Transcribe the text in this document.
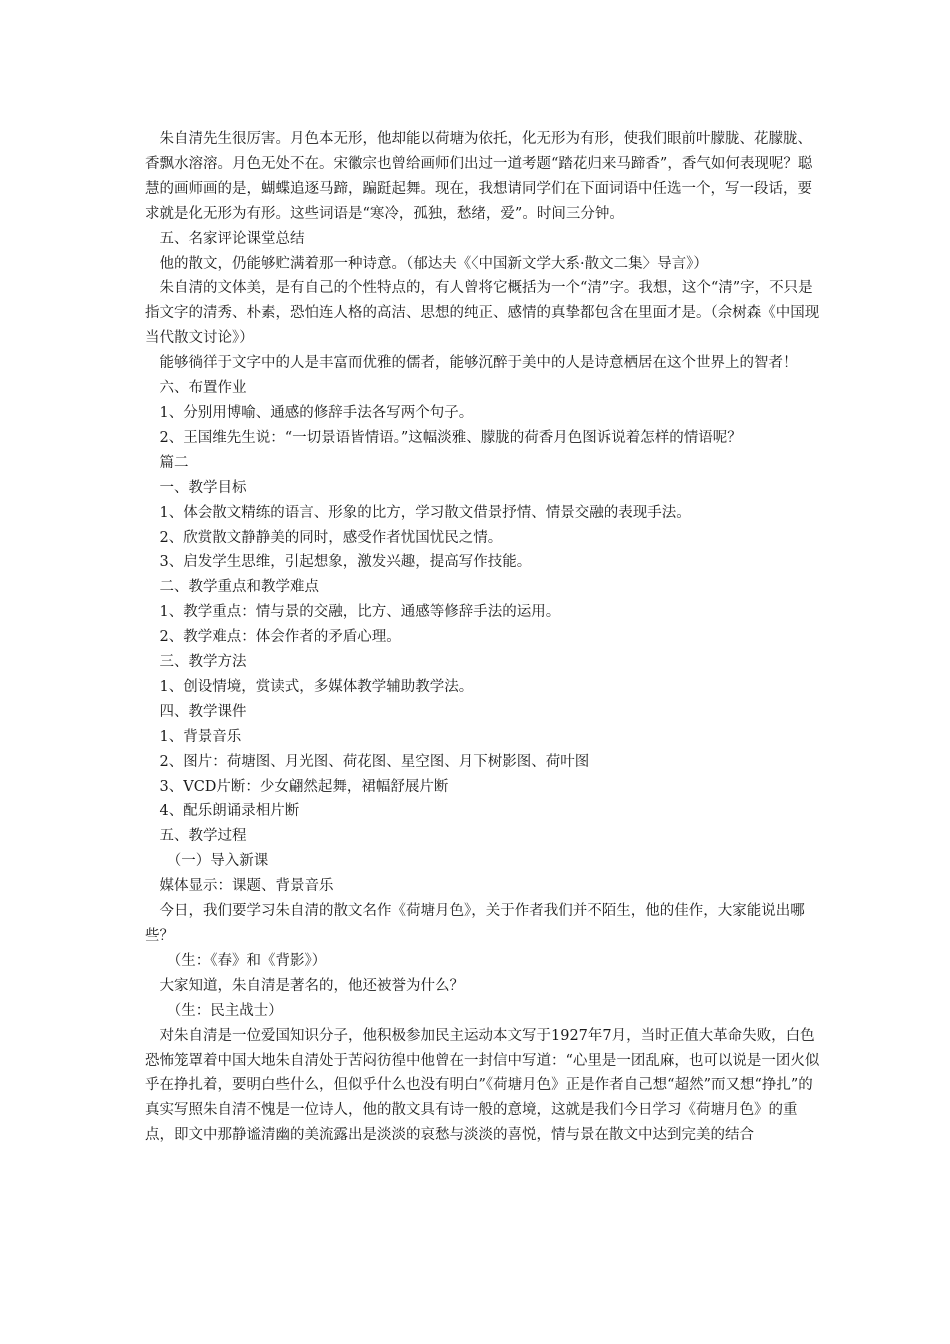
朱自清先生很厉害。月色本无形，他却能以荷塘为依托，化无形为有形，使我们眼前叶朦胧、花朦胧、香飘水溶溶。月色无处不在。宋徽宗也曾给画师们出过一道考题“踏花归来马蹄香”，香气如何表现呢？聪慧的画师画的是，蝴蝶追逐马蹄，蹁跹起舞。现在，我想请同学们在下面词语中任选一个，写一段话，要求就是化无形为有形。这些词语是“寒冷，孤独，愁绪，爱”。时间三分钟。

五、名家评论课堂总结

他的散文，仍能够贮满着那一种诗意。（郁达夫《〈中国新文学大系·散文二集〉导言》）

朱自清的文体美，是有自己的个性特点的，有人曾将它概括为一个“清”字。我想，这个“清”字，不只是指文字的清秀、朴素，恐怕连人格的高洁、思想的纯正、感情的真挚都包含在里面才是。（佘树森《中国现当代散文讨论》）

能够徜徉于文字中的人是丰富而优雅的儒者，能够沉醉于美中的人是诗意栖居在这个世界上的智者！

六、布置作业

1、分别用博喻、通感的修辞手法各写两个句子。

2、王国维先生说：“一切景语皆情语。”这幅淡雅、朦胧的荷香月色图诉说着怎样的情语呢？

篇二

一、教学目标

1、体会散文精练的语言、形象的比方，学习散文借景抒情、情景交融的表现手法。

2、欣赏散文静静美的同时，感受作者忧国忧民之情。

3、启发学生思维，引起想象，激发兴趣，提高写作技能。

二、教学重点和教学难点

1、教学重点：情与景的交融，比方、通感等修辞手法的运用。

2、教学难点：体会作者的矛盾心理。

三、教学方法

1、创设情境，赏读式，多媒体教学辅助教学法。

四、教学课件

1、背景音乐

2、图片：荷塘图、月光图、荷花图、星空图、月下树影图、荷叶图

3、VCD片断：少女翩然起舞，裙幅舒展片断

4、配乐朗诵录相片断

五、教学过程

（一）导入新课

媒体显示：课题、背景音乐

今日，我们要学习朱自清的散文名作《荷塘月色》，关于作者我们并不陌生，他的佳作，大家能说出哪些？

（生：《春》和《背影》）

大家知道，朱自清是著名的，他还被誉为什么？

（生：民主战士）

对朱自清是一位爱国知识分子，他积极参加民主运动本文写于1927年7月，当时正值大革命失败，白色恐怖笼罩着中国大地朱自清处于苦闷彷徨中他曾在一封信中写道：“心里是一团乱麻，也可以说是一团火似乎在挣扎着，要明白些什么，但似乎什么也没有明白”《荷塘月色》正是作者自己想“超然”而又想“挣扎”的真实写照朱自清不愧是一位诗人，他的散文具有诗一般的意境，这就是我们今日学习《荷塘月色》的重点，即文中那静谧清幽的美流露出是淡淡的哀愁与淡淡的喜悦，情与景在散文中达到完美的结合
